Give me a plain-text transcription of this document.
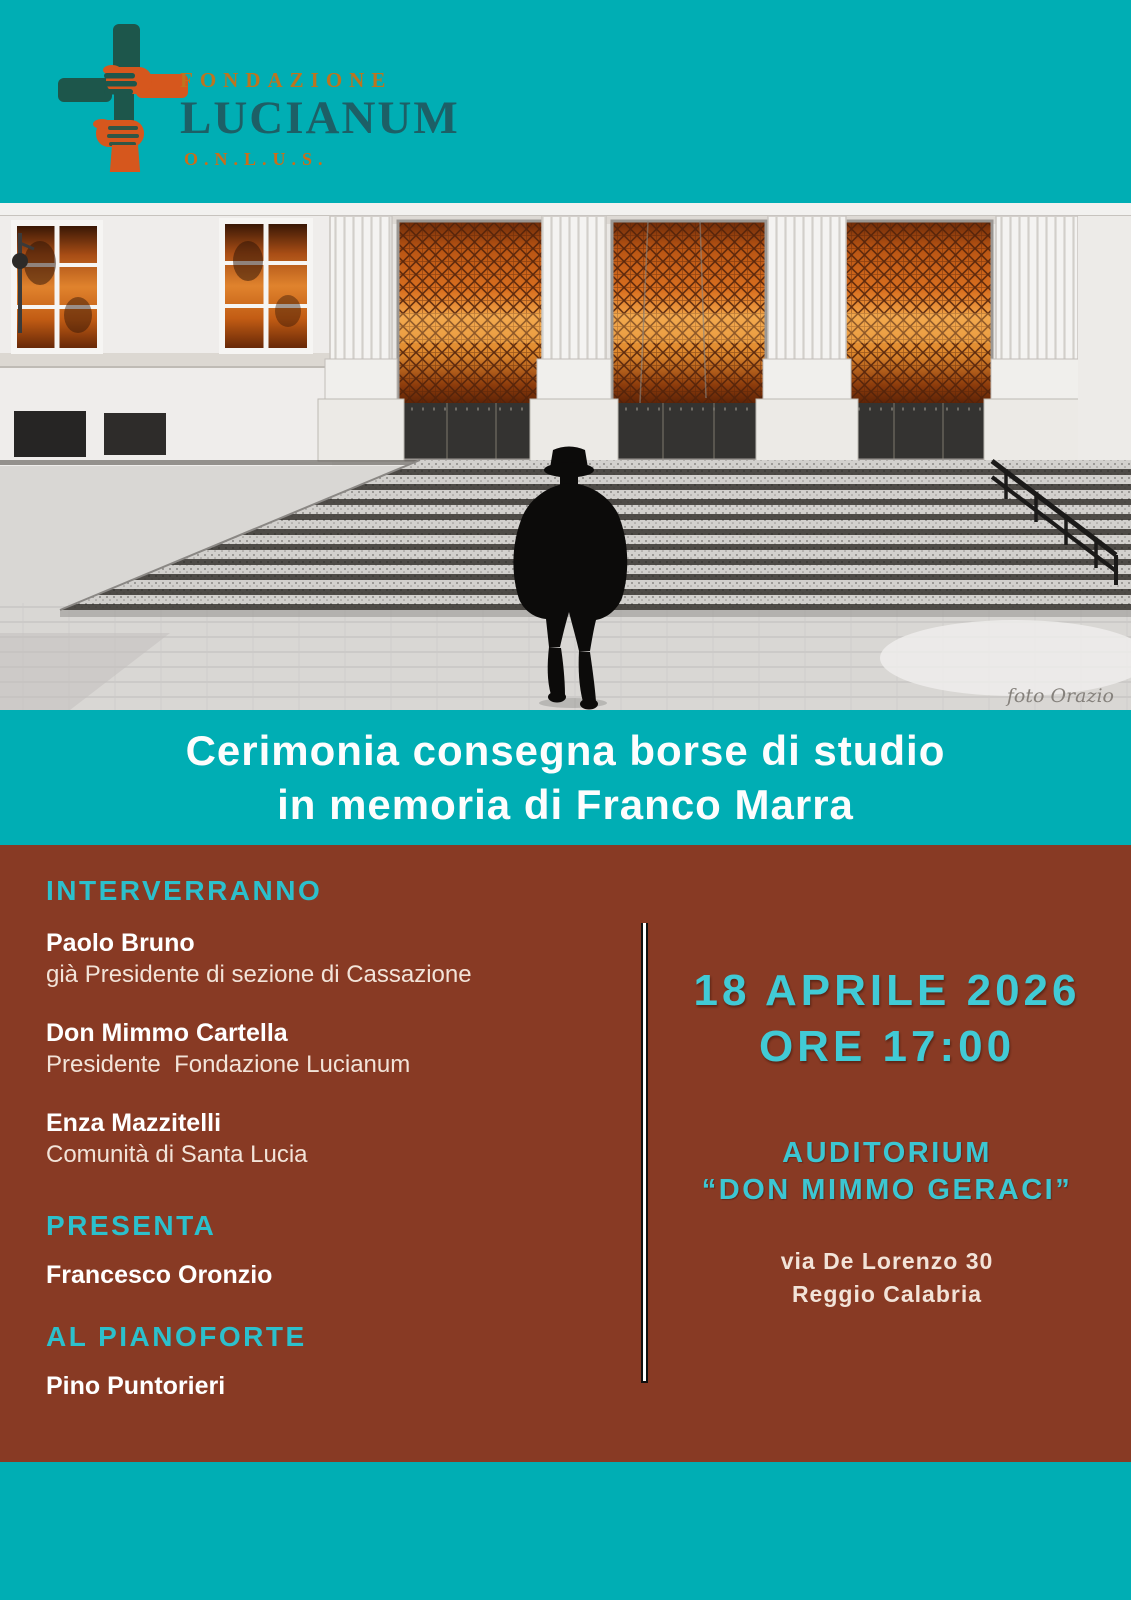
FONDAZIONE
LUCIANUM
O.N.L.U.S.
foto Orazio
Cerimonia consegna borse di studio
in memoria di Franco Marra
INTERVERRANNO
Paolo Bruno
già Presidente di sezione di Cassazione
Don Mimmo Cartella
Presidente  Fondazione Lucianum
Enza Mazzitelli
Comunità di Santa Lucia
PRESENTA
Francesco Oronzio
AL PIANOFORTE
Pino Puntorieri
18 APRILE 2026
ORE 17:00
AUDITORIUM
“DON MIMMO GERACI”
via De Lorenzo 30
Reggio Calabria
